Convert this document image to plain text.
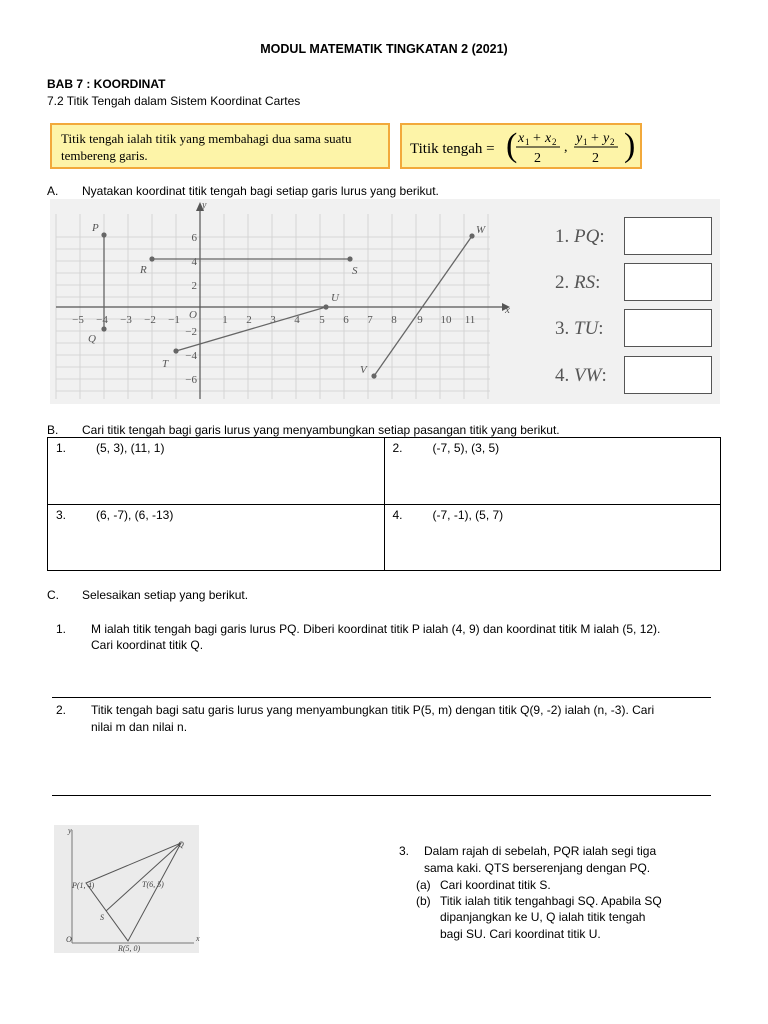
MODUL MATEMATIK TINGKATAN 2 (2021)
BAB 7 : KOORDINAT
7.2 Titik Tengah dalam Sistem Koordinat Cartes
Titik tengah ialah titik yang membahagi dua sama suatu
tembereng garis.	Titik tengah = (	)
x 1 + x 2
2
,
y 1 + y 2
2
A. Nyatakan koordinat titik tengah bagi setiap garis lurus yang berikut.
x
y
−5 −4 −3 −2 −1 O 1 2 3 4 5 6 7 8 9 10 11
6
4
2
−2
−4
−6
P
Q
R	S
T
U
V
W	1. PQ:
2. RS:
3. TU:
4. VW:
B. Cari titik tengah bagi garis lurus yang menyambungkan setiap pasangan titik yang berikut.
1. (5, 3), (11, 1)	2. (-7, 5), (3, 5)

3. (6, -7), (6, -13)	4. (-7, -1), (5, 7)
C. Selesaikan setiap yang berikut.
1. M ialah titik tengah bagi garis lurus PQ. Diberi koordinat titik P ialah (4, 9) dan koordinat titik M ialah (5, 12).
Cari koordinat titik Q.
2. Titik tengah bagi satu garis lurus yang menyambungkan titik P(5, m) dengan titik Q(9, -2) ialah (n, -3). Cari
nilai m dan nilai n.
x
y
O
P(1, 4)
Q
T(6, 5)
S
R(5, 0)
3. Dalam rajah di sebelah, PQR ialah segi tiga
sama kaki. QTS berserenjang dengan PQ.
(a) Cari koordinat titik S.
(b) Titik ialah titik tengahbagi SQ. Apabila SQ
dipanjangkan ke U, Q ialah titik tengah
bagi SU. Cari koordinat titik U.
